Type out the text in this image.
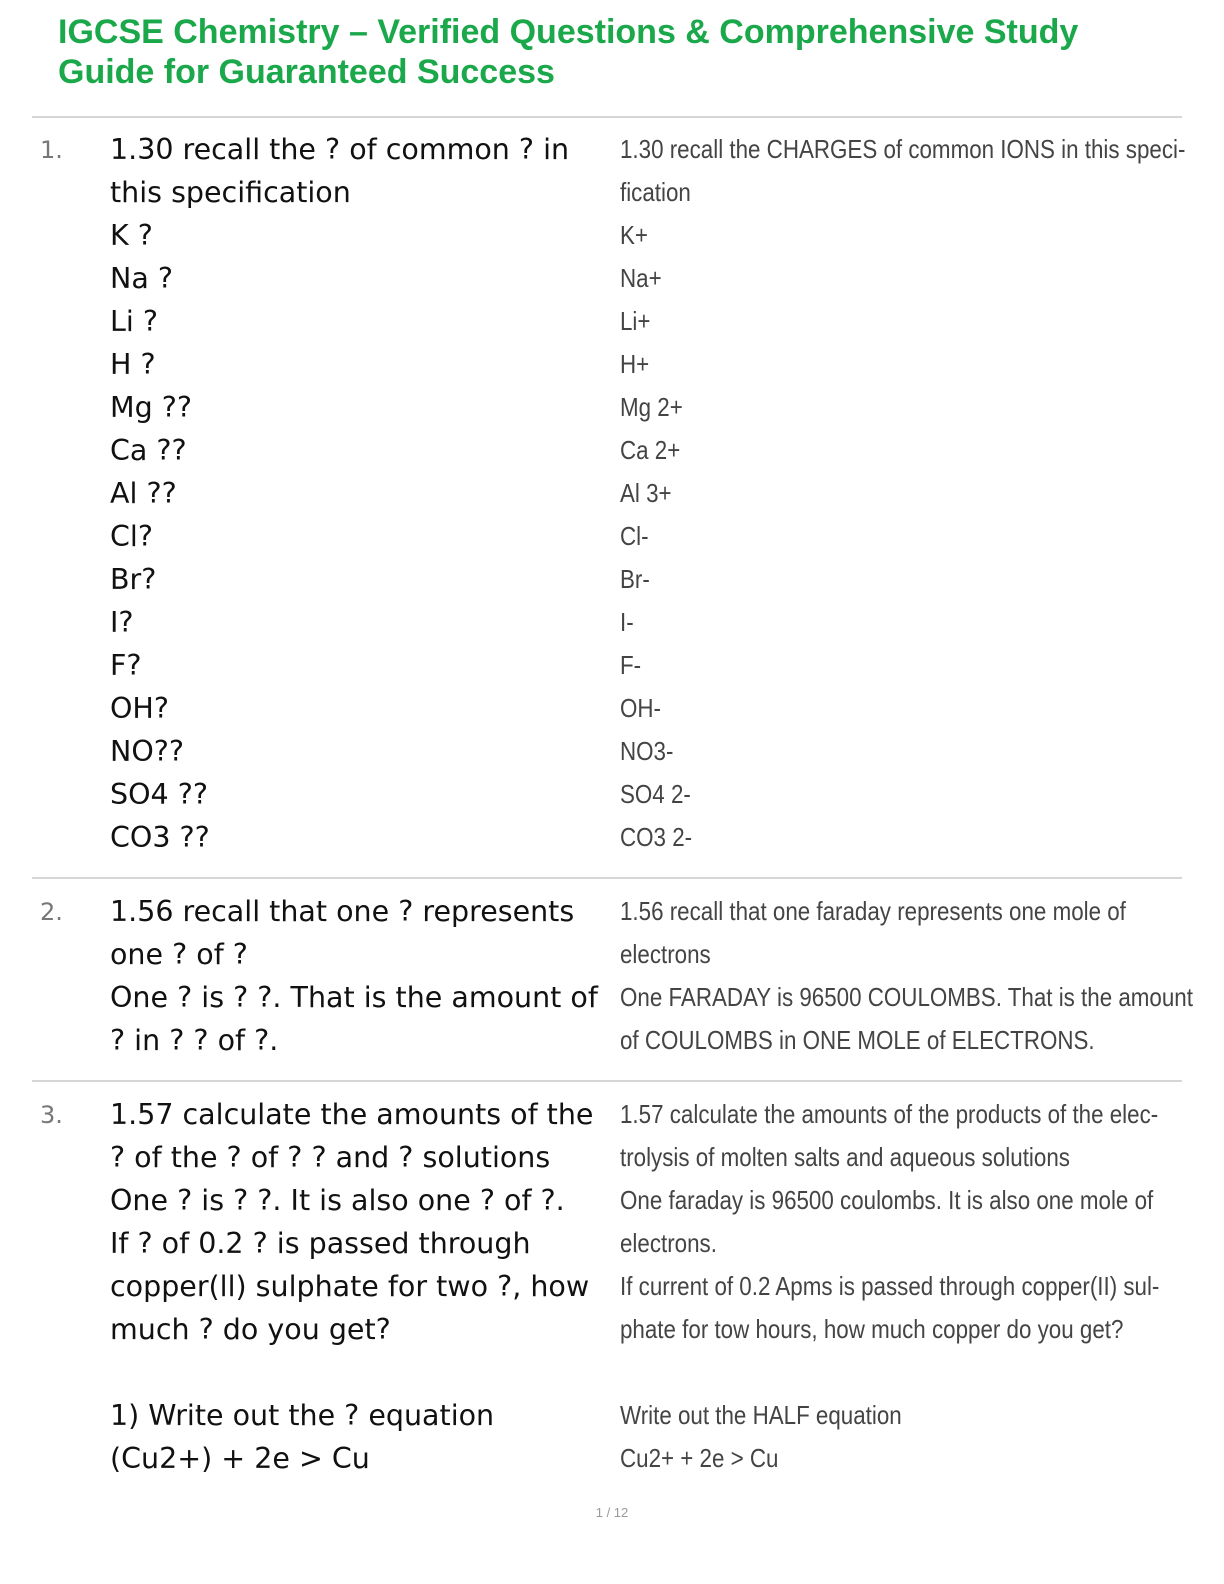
IGCSE Chemistry – Verified Questions & Comprehensive Study
Guide for Guaranteed Success
1. 1.30 recall the ? of common ? in
this specification
K ?
Na ?
Li ?
H ?
Mg ??
Ca ??
Al ??
Cl?
Br?
I?
F?
OH?
NO??
SO4 ??
CO3 ??
1.30 recall the CHARGES of common IONS in this speci-
fication
K+
Na+
Li+
H+
Mg 2+
Ca 2+
Al 3+
Cl-
Br-
I-
F-
OH-
NO3-
SO4 2-
CO3 2-
2. 1.56 recall that one ? represents
one ? of ?
One ? is ? ?. That is the amount of
? in ? ? of ?.
1.56 recall that one faraday represents one mole of
electrons
One FARADAY is 96500 COULOMBS. That is the amount
of COULOMBS in ONE MOLE of ELECTRONS.
3. 1.57 calculate the amounts of the
? of the ? of ? ? and ? solutions
One ? is ? ?. It is also one ? of ?.
If ? of 0.2 ? is passed through
copper(ll) sulphate for two ?, how
much ? do you get?
1) Write out the ? equation
(Cu2+) + 2e > Cu
1.57 calculate the amounts of the products of the elec-
trolysis of molten salts and aqueous solutions
One faraday is 96500 coulombs. It is also one mole of
electrons.
If current of 0.2 Apms is passed through copper(II) sul-
phate for tow hours, how much copper do you get?
Write out the HALF equation
Cu2+ + 2e > Cu
1 / 12
